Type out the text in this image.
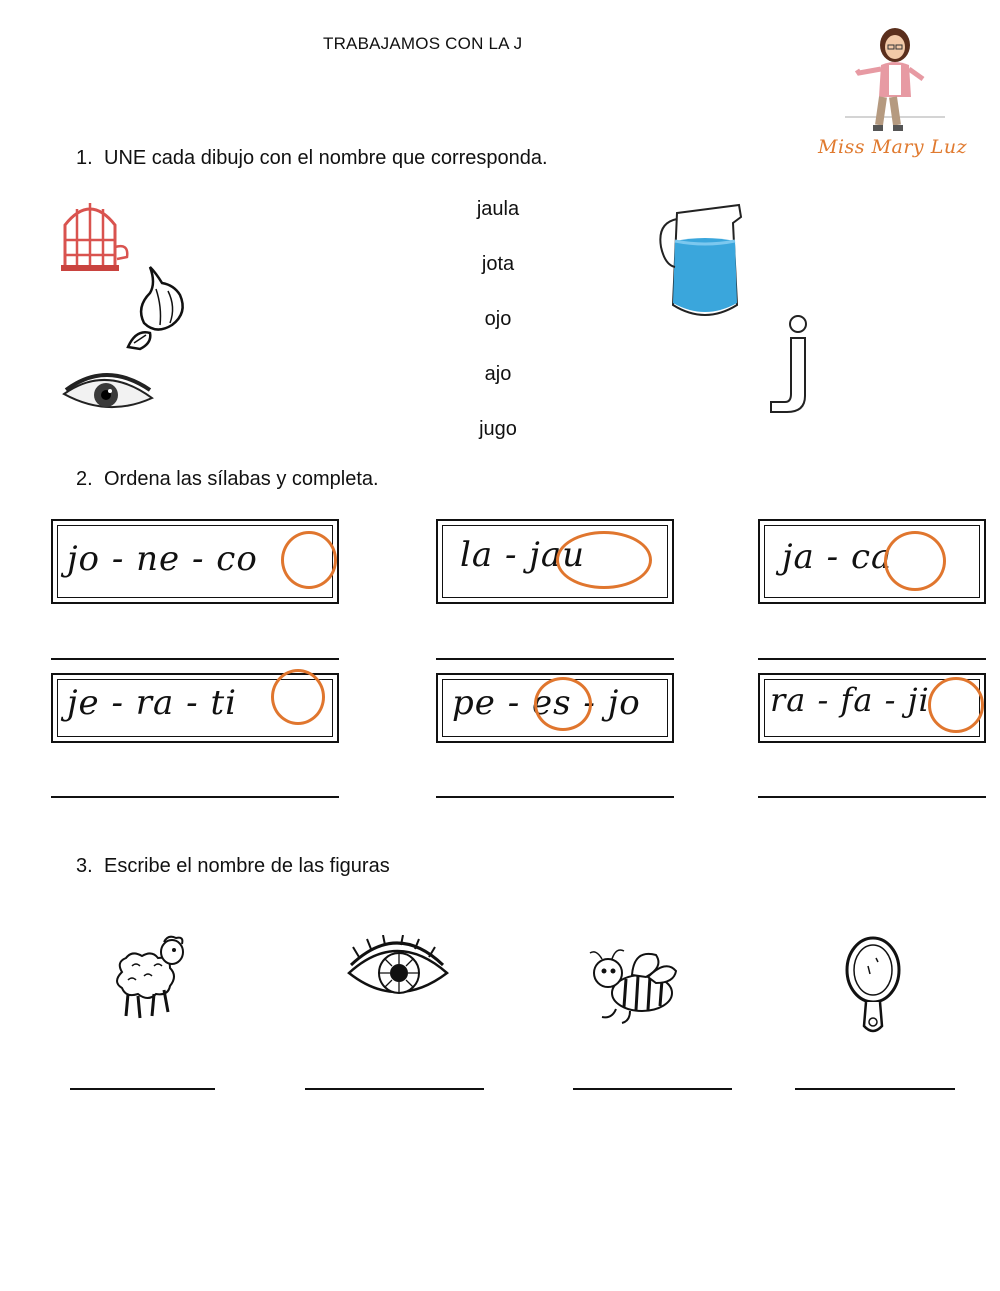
TRABAJAMOS CON LA J
Miss Mary Luz
1. UNE cada dibujo con el nombre que corresponda.
jaula
jota
ojo
ajo
jugo
2. Ordena las sílabas y completa.
jo - ne - co	la - jau	ja - ca
je - ra - ti	pe - es - jo	ra - fa - ji
3. Escribe el nombre de las figuras
